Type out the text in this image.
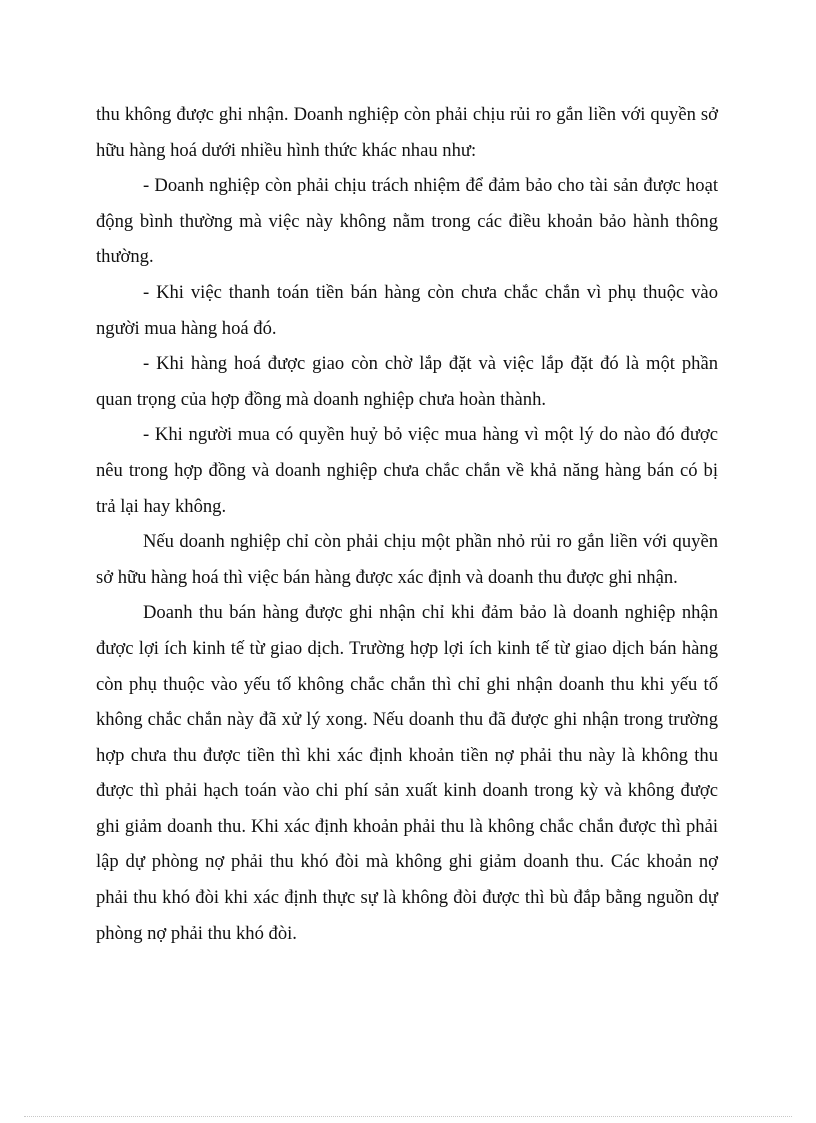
thu không được ghi nhận. Doanh nghiệp còn phải chịu rủi ro gắn liền với quyền sở hữu hàng hoá dưới nhiều hình thức khác nhau như:

- Doanh nghiệp còn phải chịu trách nhiệm để đảm bảo cho tài sản được hoạt động bình thường mà việc này không nằm trong các điều khoản bảo hành thông thường.

- Khi việc thanh toán tiền bán hàng còn chưa chắc chắn vì phụ thuộc vào người mua hàng hoá đó.

- Khi hàng hoá được giao còn chờ lắp đặt và việc lắp đặt đó là một phần quan trọng của hợp đồng mà doanh nghiệp chưa hoàn thành.

- Khi người mua có quyền huỷ bỏ việc mua hàng vì một lý do nào đó được nêu trong hợp đồng và doanh nghiệp chưa chắc chắn về khả năng hàng bán có bị trả lại hay không.

Nếu doanh nghiệp chỉ còn phải chịu một phần nhỏ rủi ro gắn liền với quyền sở hữu hàng hoá thì việc bán hàng được xác định và doanh thu được ghi nhận.

Doanh thu bán hàng được ghi nhận chỉ khi đảm bảo là doanh nghiệp nhận được lợi ích kinh tế từ giao dịch. Trường hợp lợi ích kinh tế từ giao dịch bán hàng còn phụ thuộc vào yếu tố không chắc chắn thì chỉ ghi nhận doanh thu khi yếu tố không chắc chắn này đã xử lý xong. Nếu doanh thu đã được ghi nhận trong trường hợp chưa thu được tiền thì khi xác định khoản tiền nợ phải thu này là không thu được thì phải hạch toán vào chi phí sản xuất kinh doanh trong kỳ và không được ghi giảm doanh thu. Khi xác định khoản phải thu là không chắc chắn được thì phải lập dự phòng nợ phải thu khó đòi mà không ghi giảm doanh thu. Các khoản nợ phải thu khó đòi khi xác định thực sự là không đòi được thì bù đắp bằng nguồn dự phòng nợ phải thu khó đòi.
